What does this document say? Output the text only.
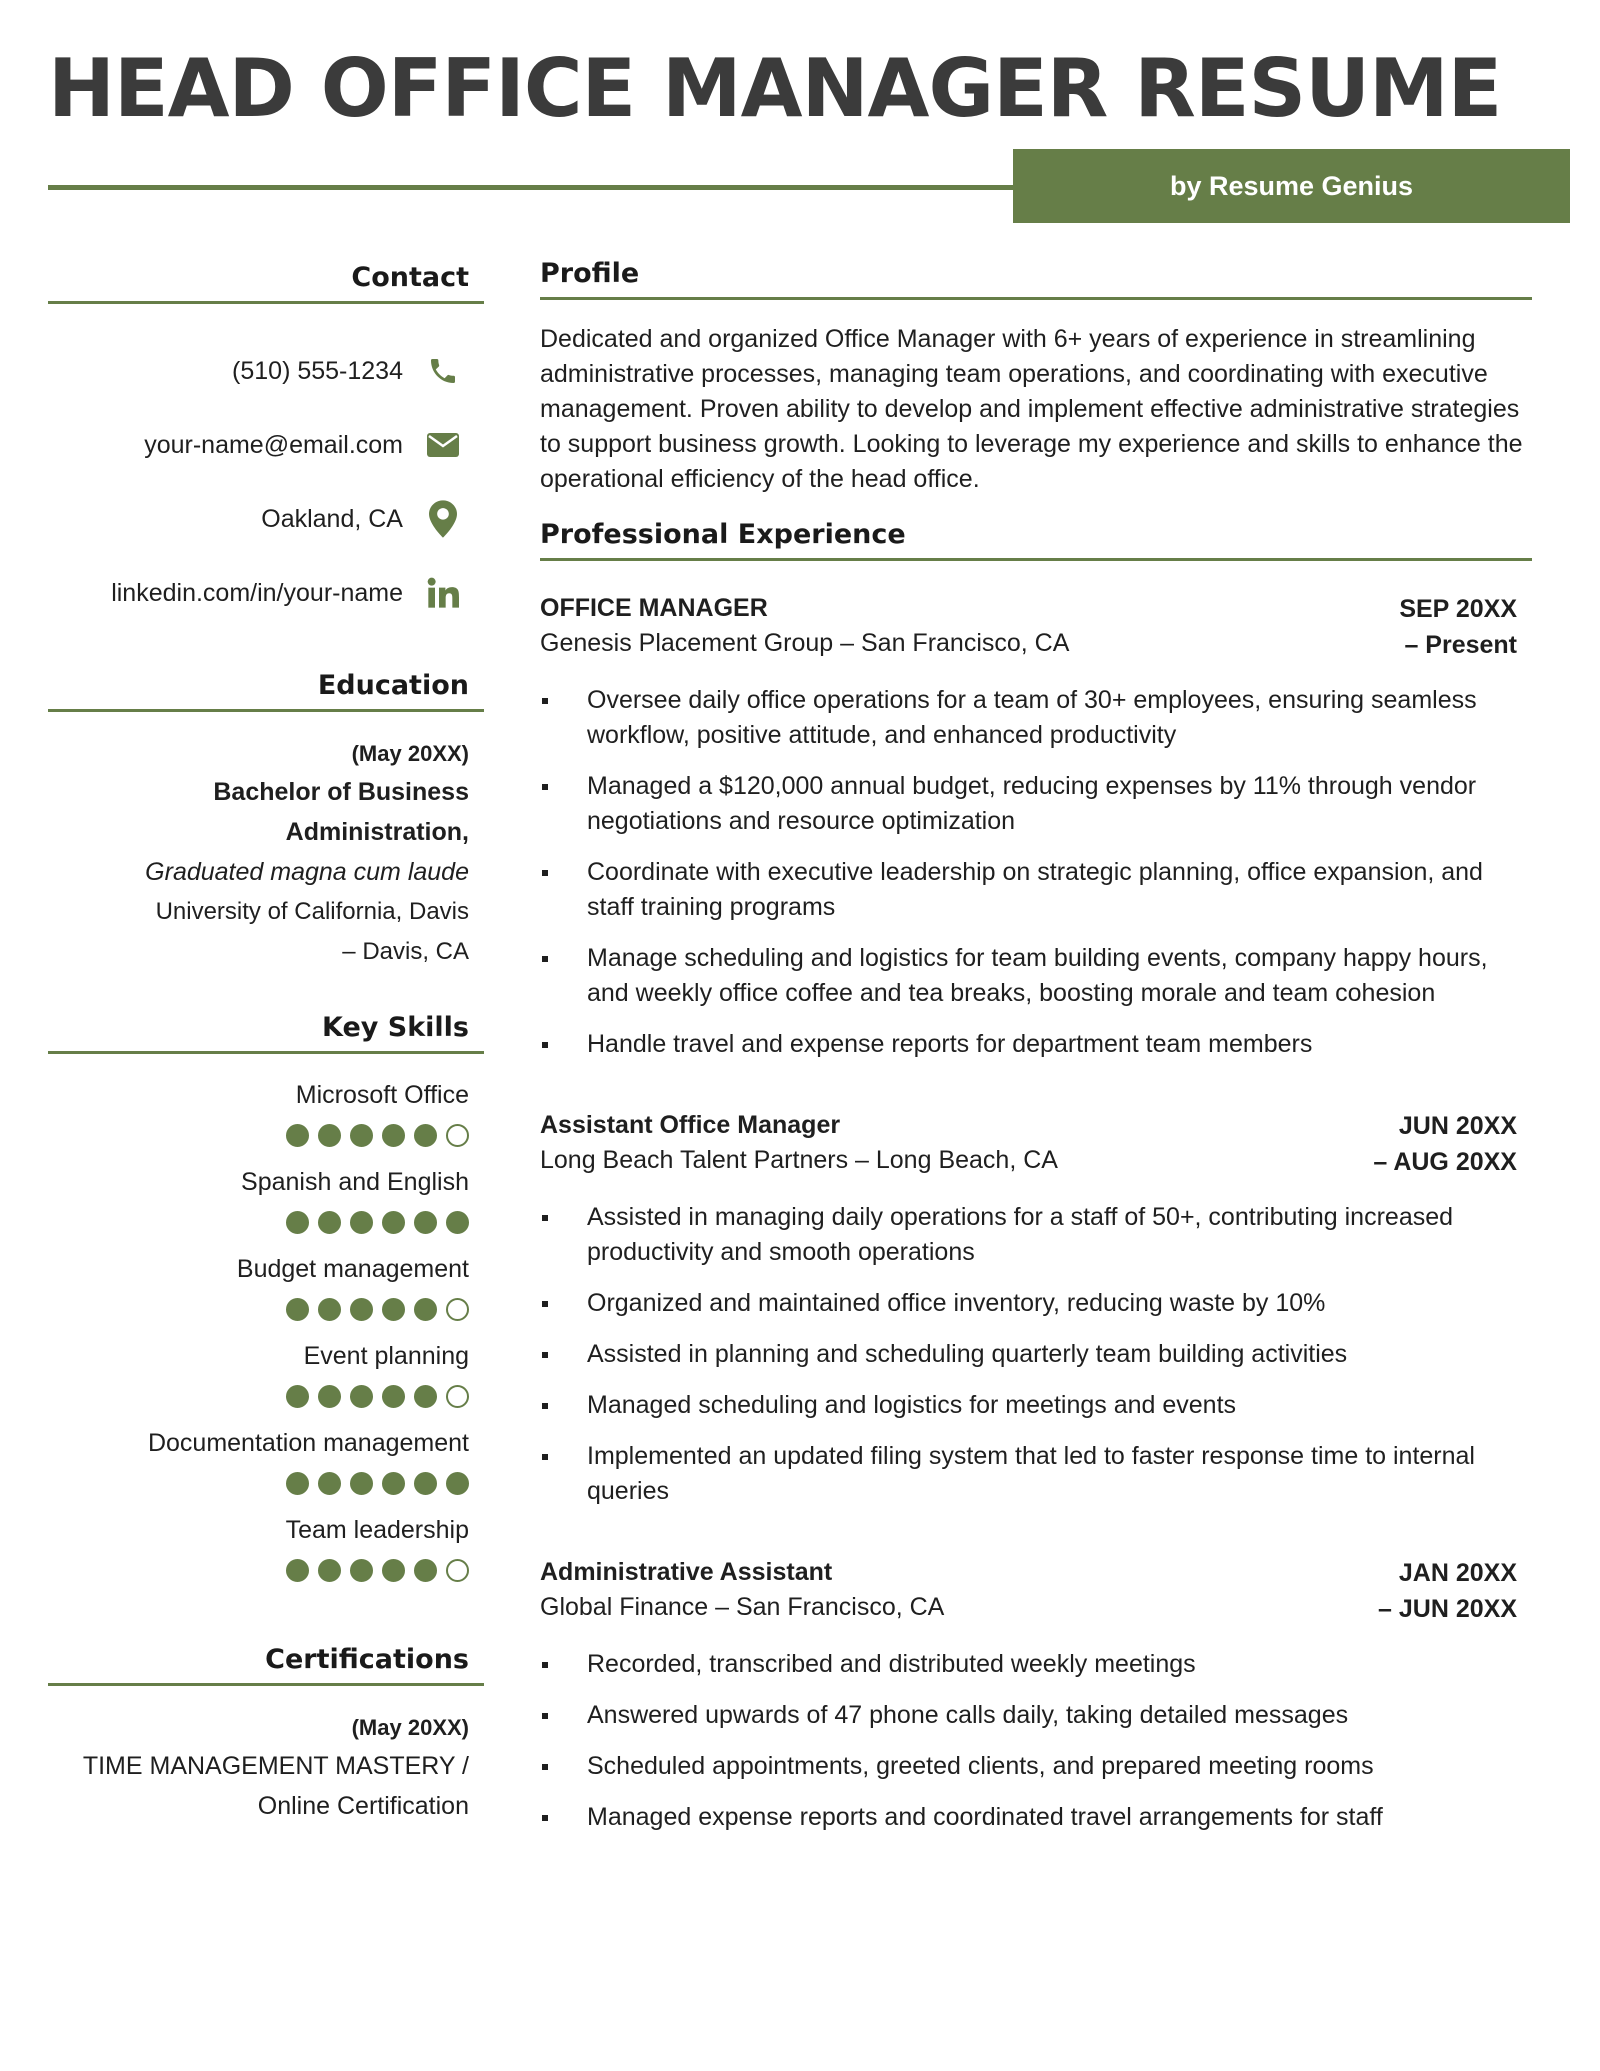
HEAD OFFICE MANAGER RESUME
by Resume Genius
Contact
(510) 555-1234
your-name@email.com
Oakland, CA
linkedin.com/in/your-name
Education
(May 20XX)
Bachelor of Business
Administration,
Graduated magna cum laude
University of California, Davis
– Davis, CA
Key Skills
Microsoft Office
Spanish and English
Budget management
Event planning
Documentation management
Team leadership
Certifications
(May 20XX)
TIME MANAGEMENT MASTERY /
Online Certification
Profile

Dedicated and organized Office Manager with 6+ years of experience in streamlining administrative processes, managing team operations, and coordinating with executive management. Proven ability to develop and implement effective administrative strategies to support business growth. Looking to leverage my experience and skills to enhance the operational efficiency of the head office.

Professional Experience
OFFICE MANAGER
Genesis Placement Group – San Francisco, CA
SEP 20XX
– Present
Oversee daily office operations for a team of 30+ employees, ensuring seamless workflow, positive attitude, and enhanced productivity
Managed a $120,000 annual budget, reducing expenses by 11% through vendor negotiations and resource optimization
Coordinate with executive leadership on strategic planning, office expansion, and staff training programs
Manage scheduling and logistics for team building events, company happy hours, and weekly office coffee and tea breaks, boosting morale and team cohesion
Handle travel and expense reports for department team members
Assistant Office Manager
Long Beach Talent Partners – Long Beach, CA
JUN 20XX
– AUG 20XX
Assisted in managing daily operations for a staff of 50+, contributing increased productivity and smooth operations
Organized and maintained office inventory, reducing waste by 10%
Assisted in planning and scheduling quarterly team building activities
Managed scheduling and logistics for meetings and events
Implemented an updated filing system that led to faster response time to internal queries
Administrative Assistant
Global Finance – San Francisco, CA
JAN 20XX
– JUN 20XX
Recorded, transcribed and distributed weekly meetings
Answered upwards of 47 phone calls daily, taking detailed messages
Scheduled appointments, greeted clients, and prepared meeting rooms
Managed expense reports and coordinated travel arrangements for staff
